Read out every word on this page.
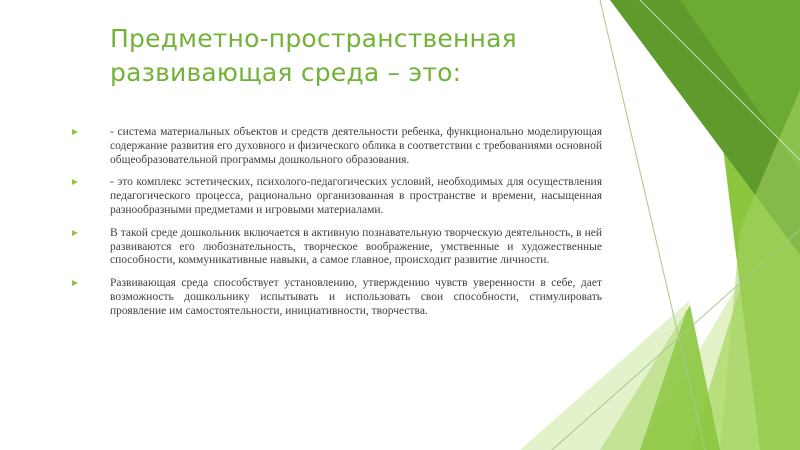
Предметно-пространственная
развивающая среда – это:
- система материальных объектов и средств деятельности ребенка, функционально моделирующая содержание развития его духовного и физического облика в соответствии с требованиями основной общеобразовательной программы дошкольного образования.
- это комплекс эстетических, психолого-педагогических условий, необходимых для осуществления педагогического процесса, рационально организованная в пространстве и времени, насыщенная разнообразными предметами и игровыми материалами.
В такой среде дошкольник включается в активную познавательную творческую деятельность, в ней развиваются его любознательность, творческое воображение, умственные и художественные способности, коммуникативные навыки, а самое главное, происходит развитие личности.
Развивающая среда способствует установлению, утверждению чувств уверенности в себе, дает возможность дошкольнику испытывать и использовать свои способности, стимулировать проявление им самостоятельности, инициативности, творчества.
